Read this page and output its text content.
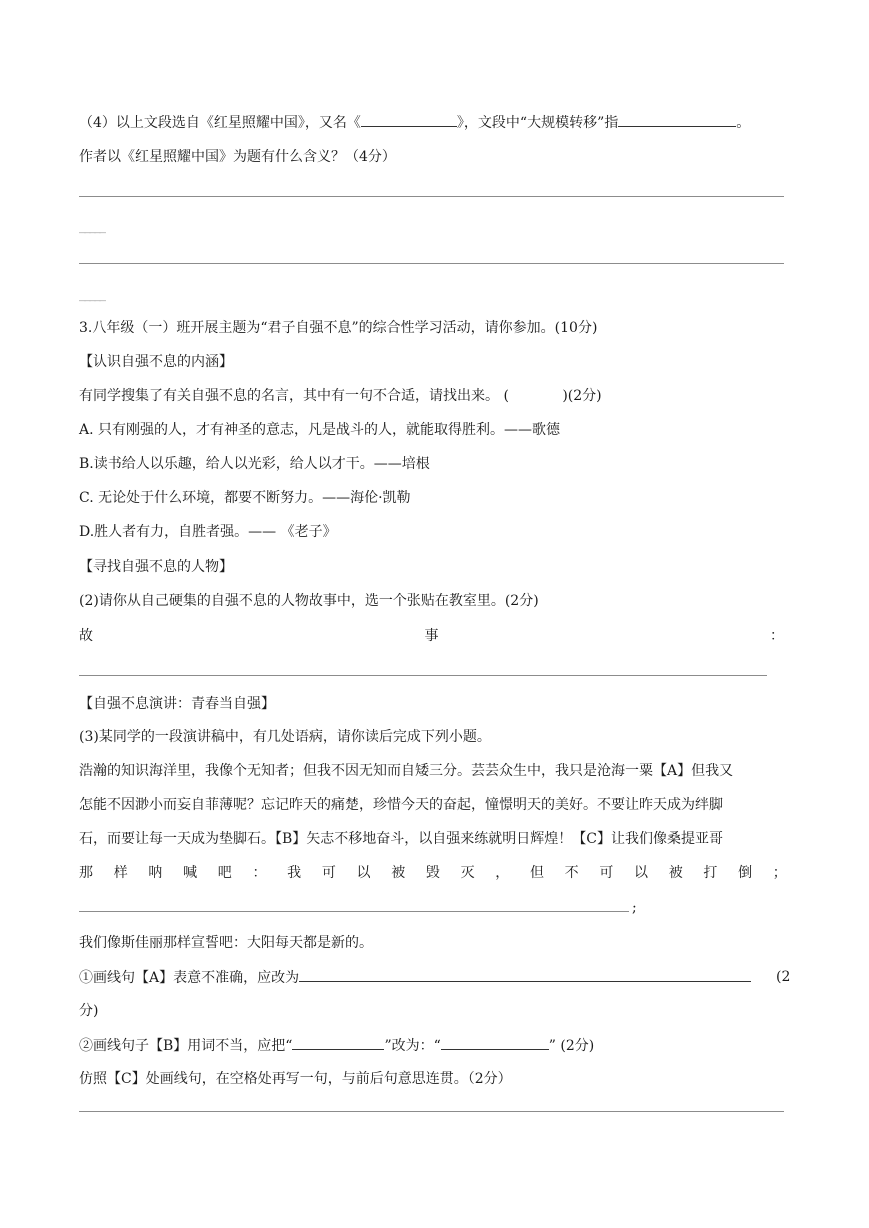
（4）以上文段选自《红星照耀中国》，又名《	》，文段中“大规模转移”指	。
作者以《红星照耀中国》为题有什么含义？（4分）
_____
_____
3.八年级（一）班开展主题为“君子自强不息”的综合性学习活动，请你参加。(10分)
【认识自强不息的内涵】
有同学搜集了有关自强不息的名言，其中有一句不合适，请找出来。 (            )(2分)
A. 只有刚强的人，才有神圣的意志，凡是战斗的人，就能取得胜利。——歌德
B.读书给人以乐趣，给人以光彩，给人以才干。——培根
C. 无论处于什么环境，都要不断努力。——海伦·凯勒
D.胜人者有力，自胜者强。—— 《老子》
【寻找自强不息的人物】
(2)请你从自己硬集的自强不息的人物故事中，选一个张贴在教室里。(2分)
故	事	：
【自强不息演讲：青春当自强】
(3)某同学的一段演讲稿中，有几处语病，请你读后完成下列小题。
浩瀚的知识海洋里，我像个无知者；但我不因无知而自矮三分。芸芸众生中，我只是沧海一粟【A】但我又
怎能不因渺小而妄自菲薄呢？忘记昨天的痛楚，珍惜今天的奋起，憧憬明天的美好。不要让昨天成为绊脚
石，而要让每一天成为垫脚石。【B】矢志不移地奋斗，以自强来练就明日辉煌！【C】让我们像桑提亚哥
那 样 呐 喊 吧 ： 我 可 以 被 毁 灭 ， 但 不 可 以 被 打 倒 ；
;
我们像斯佳丽那样宣誓吧：大阳每天都是新的。
①画线句【A】表意不准确，应改为	(2
分)
②画线句子【B】用词不当，应把“	”改为：“	” (2分)
仿照【C】处画线句，在空格处再写一句，与前后句意思连贯。（2分）
